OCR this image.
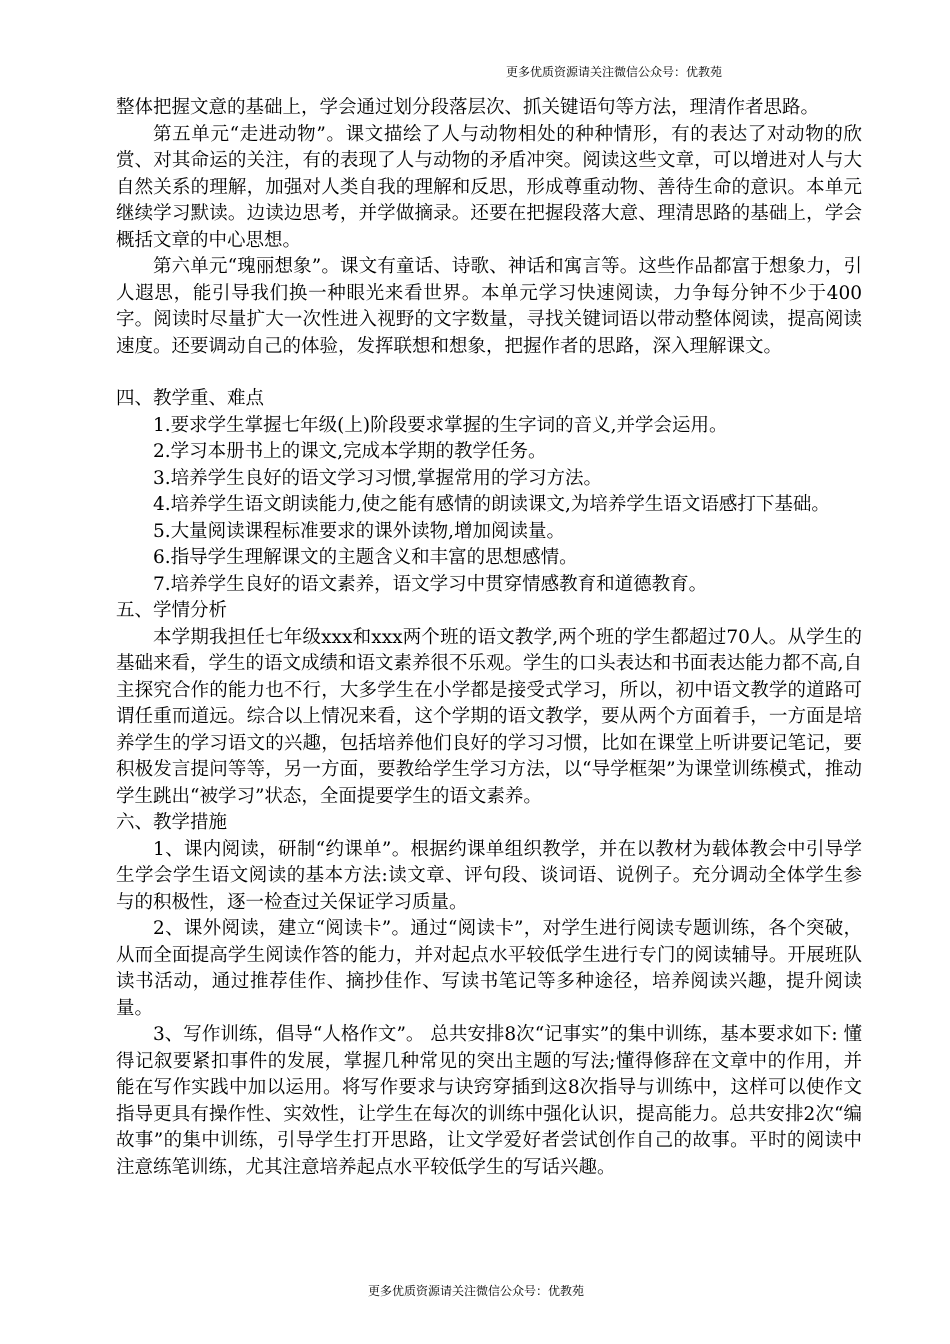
更多优质资源请关注微信公众号：优教苑

整体把握文意的基础上，学会通过划分段落层次、抓关键语句等方法，理清作者思路。

第五单元“走进动物”。课文描绘了人与动物相处的种种情形，有的表达了对动物的欣赏、对其命运的关注，有的表现了人与动物的矛盾冲突。阅读这些文章，可以增进对人与大自然关系的理解，加强对人类自我的理解和反思，形成尊重动物、善待生命的意识。本单元继续学习默读。边读边思考，并学做摘录。还要在把握段落大意、理清思路的基础上，学会概括文章的中心思想。

第六单元“瑰丽想象”。课文有童话、诗歌、神话和寓言等。这些作品都富于想象力，引人遐思，能引导我们换一种眼光来看世界。本单元学习快速阅读，力争每分钟不少于400字。阅读时尽量扩大一次性进入视野的文字数量，寻找关键词语以带动整体阅读，提高阅读速度。还要调动自己的体验，发挥联想和想象，把握作者的思路，深入理解课文。

四、教学重、难点

1.要求学生掌握七年级(上)阶段要求掌握的生字词的音义,并学会运用。

2.学习本册书上的课文,完成本学期的教学任务。

3.培养学生良好的语文学习习惯,掌握常用的学习方法。

4.培养学生语文朗读能力,使之能有感情的朗读课文,为培养学生语文语感打下基础。

5.大量阅读课程标准要求的课外读物,增加阅读量。

6.指导学生理解课文的主题含义和丰富的思想感情。

7.培养学生良好的语文素养，语文学习中贯穿情感教育和道德教育。

五、学情分析

本学期我担任七年级xxx和xxx两个班的语文教学,两个班的学生都超过70人。从学生的基础来看，学生的语文成绩和语文素养很不乐观。学生的口头表达和书面表达能力都不高,自主探究合作的能力也不行，大多学生在小学都是接受式学习，所以，初中语文教学的道路可谓任重而道远。综合以上情况来看，这个学期的语文教学，要从两个方面着手，一方面是培养学生的学习语文的兴趣，包括培养他们良好的学习习惯，比如在课堂上听讲要记笔记，要积极发言提问等等，另一方面，要教给学生学习方法，以“导学框架”为课堂训练模式，推动学生跳出“被学习”状态，全面提要学生的语文素养。

六、教学措施

1、课内阅读，研制“约课单”。根据约课单组织教学，并在以教材为载体教会中引导学生学会学生语文阅读的基本方法:读文章、评句段、谈词语、说例子。充分调动全体学生参与的积极性，逐一检查过关保证学习质量。

2、课外阅读，建立“阅读卡”。通过“阅读卡”，对学生进行阅读专题训练，各个突破，从而全面提高学生阅读作答的能力，并对起点水平较低学生进行专门的阅读辅导。开展班队读书活动，通过推荐佳作、摘抄佳作、写读书笔记等多种途径，培养阅读兴趣，提升阅读量。

3、写作训练，倡导“人格作文”。 总共安排8次“记事实”的集中训练，基本要求如下: 懂得记叙要紧扣事件的发展，掌握几种常见的突出主题的写法;懂得修辞在文章中的作用，并能在写作实践中加以运用。将写作要求与诀窍穿插到这8次指导与训练中，这样可以使作文指导更具有操作性、实效性，让学生在每次的训练中强化认识，提高能力。总共安排2次“编故事”的集中训练，引导学生打开思路，让文学爱好者尝试创作自己的故事。平时的阅读中注意练笔训练，尤其注意培养起点水平较低学生的写话兴趣。

更多优质资源请关注微信公众号：优教苑
